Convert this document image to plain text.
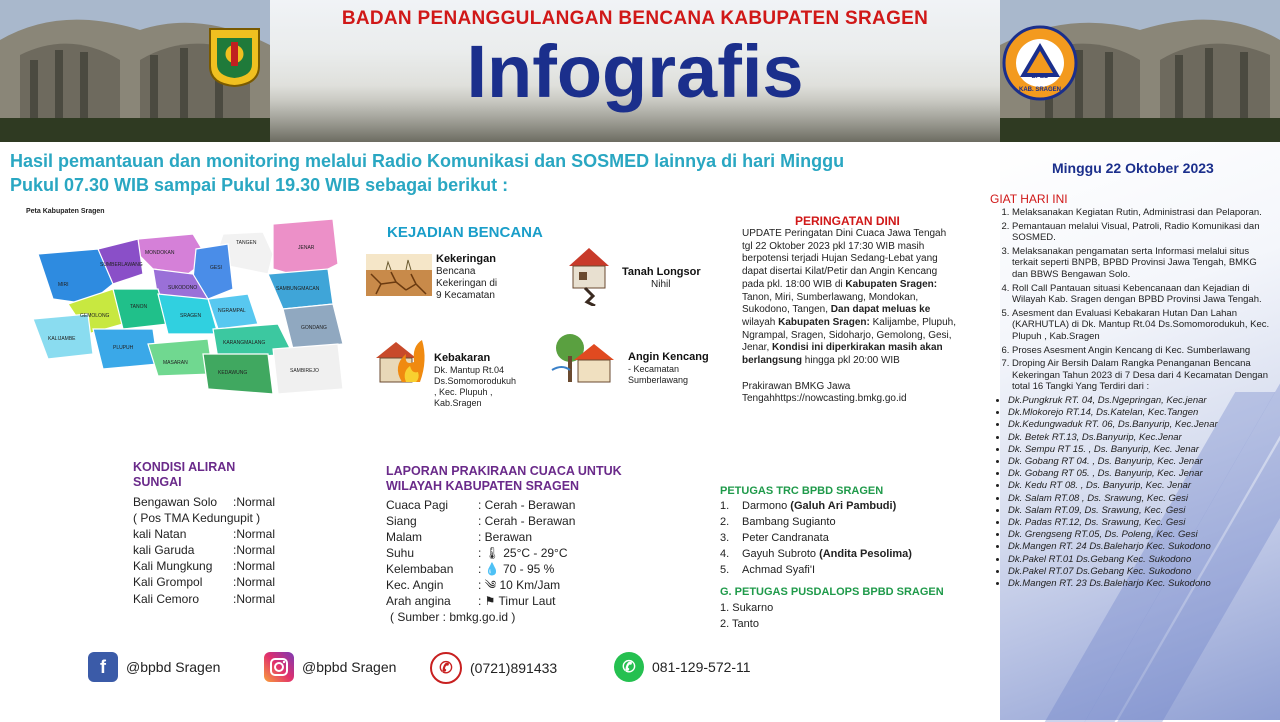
BPBD
KAB. SRAGEN
BADAN PENANGGULANGAN BENCANA KABUPATEN SRAGEN
Infografis
Hasil pemantauan dan monitoring melalui Radio Komunikasi dan SOSMED lainnya di hari Minggu Pukul 07.30 WIB sampai Pukul 19.30 WIB sebagai berikut :
Minggu 22 Oktober 2023
Peta Kabupaten Sragen
TANGEN
MONDOKAN
SUMBERLAWANG	GESI
JENAR
MIRI	SUKODONO	SAMBUNGMACAN
GEMOLONG
TANON
NGRAMPAL
KALIJAMBE
PLUPUH
SRAGEN
GONDANG
KARANGMALANG
MASARAN
KEDAWUNG	SAMBIREJO
KEJADIAN BENCANA
Kekeringan
Bencana
Kekeringan di
9 Kecamatan
Tanah Longsor
Nihil
Kebakaran
Dk. Mantup Rt.04
Ds.Somomorodukuh
, Kec. Plupuh ,
Kab.Sragen
Angin Kencang
- Kecamatan
Sumberlawang
PERINGATAN DINI
UPDATE Peringatan Dini Cuaca Jawa Tengah tgl 22 Oktober 2023 pkl 17:30 WIB masih berpotensi terjadi Hujan Sedang-Lebat yang dapat disertai Kilat/Petir dan Angin Kencang pada pkl. 18:00 WIB di Kabupaten Sragen: Tanon, Miri, Sumberlawang, Mondokan, Sukodono, Tangen, Dan dapat meluas ke wilayah Kabupaten Sragen: Kalijambe, Plupuh, Ngrampal, Sragen, Sidoharjo, Gemolong, Gesi, Jenar, Kondisi ini diperkirakan masih akan berlangsung hingga pkl 20:00 WIB
Prakirawan BMKG Jawa Tengahhttps://nowcasting.bmkg.go.id
GIAT HARI INI
1. Melaksanakan Kegiatan Rutin, Administrasi dan Pelaporan.
2. Pemantauan melalui Visual, Patroli, Radio Komunikasi dan SOSMED.
3. Melaksanakan pengamatan serta Informasi melalui situs terkait seperti BNPB, BPBD Provinsi Jawa Tengah, BMKG dan BBWS Bengawan Solo.
4. Roll Call Pantauan situasi Kebencanaan dan Kejadian di Wilayah Kab. Sragen dengan BPBD Provinsi Jawa Tengah.
5. Asesment dan Evaluasi Kebakaran Hutan Dan Lahan (KARHUTLA) di Dk. Mantup Rt.04 Ds.Somomorodukuh, Kec. Plupuh , Kab.Sragen
6. Proses Asesment Angin Kencang di Kec. Sumberlawang
7. Droping Air Bersih Dalam Rangka Penanganan Bencana Kekeringan Tahun 2023 di 7 Desa dari 4 Kecamatan Dengan total 16 Tangki Yang Terdiri dari :
• Dk.Pungkruk RT. 04, Ds.Ngepringan, Kec.jenar
• Dk.Mlokorejo RT.14, Ds.Katelan, Kec.Tangen
• Dk.Kedungwaduk RT. 06, Ds.Banyurip, Kec.Jenar
• Dk. Betek RT.13, Ds.Banyurip, Kec.Jenar
• Dk. Sempu RT 15. , Ds. Banyurip, Kec. Jenar
• Dk. Gobang RT 04. , Ds. Banyurip, Kec. Jenar
• Dk. Gobang RT 05. , Ds. Banyurip, Kec. Jenar
• Dk. Kedu RT 08. , Ds. Banyurip, Kec. Jenar
• Dk. Salam RT.08 , Ds. Srawung, Kec. Gesi
• Dk. Salam RT.09, Ds. Srawung, Kec. Gesi
• Dk. Padas RT.12, Ds. Srawung, Kec. Gesi
• Dk. Grengseng RT.05, Ds. Poleng, Kec. Gesi
• Dk.Mangen RT. 24 Ds.Baleharjo Kec. Sukodono
• Dk.Pakel RT.01 Ds.Gebang Kec. Sukodono
• Dk.Pakel RT.07 Ds.Gebang Kec. Sukodono
• Dk.Mangen RT. 23 Ds.Baleharjo Kec. Sukodono
KONDISI ALIRAN
SUNGAI
Bengawan Solo	: Normal
( Pos TMA Kedungupit )
kali Natan	: Normal
kali Garuda	: Normal
Kali Mungkung	: Normal
Kali Grompol	: Normal
Kali Cemoro	: Normal
LAPORAN PRAKIRAAN CUACA UNTUK
WILAYAH KABUPATEN SRAGEN
Cuaca Pagi	: Cerah - Berawan
Siang	: Cerah - Berawan
Malam	: Berawan
Suhu	: 🌡 25°C - 29°C
Kelembaban	: 💧 70 - 95 %
Kec. Angin	: ༄ 10 Km/Jam
Arah angina	: ⚑ Timur Laut
( Sumber : bmkg.go.id )
PETUGAS TRC BPBD SRAGEN
1. Darmono (Galuh Ari Pambudi)
2. Bambang Sugianto
3. Peter Candranata
4. Gayuh Subroto (Andita Pesolima)
5. Achmad Syafi'I
G. PETUGAS PUSDALOPS BPBD SRAGEN
1. Sukarno
2. Tanto
f	@bpbd Sragen	@bpbd Sragen	✆	(0721)891433	✆	081-129-572-11
